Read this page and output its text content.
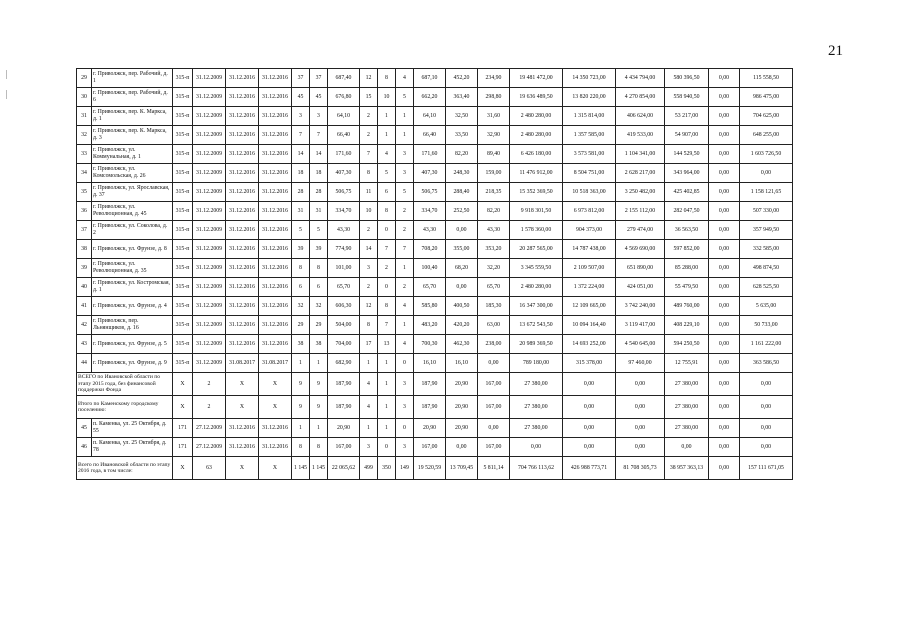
21
29	г. Приволжск, пер. Рабочий, д. 1	315-п	31.12.2009	31.12.2016	31.12.2016	37	37	687,40	12	8	4	687,10	452,20	234,90	19 481 472,00	14 350 723,00	4 434 794,00	580 396,50	0,00	115 558,50
30	г. Приволжск, пер. Рабочий, д. 6	315-п	31.12.2009	31.12.2016	31.12.2016	45	45	676,80	15	10	5	662,20	363,40	298,80	19 636 489,50	13 820 220,00	4 270 854,00	558 940,50	0,00	986 475,00
31	г. Приволжск, пер. К. Маркса, д. 1	315-п	31.12.2009	31.12.2016	31.12.2016	3	3	64,10	2	1	1	64,10	32,50	31,60	2 480 280,00	1 315 814,00	406 624,00	53 217,00	0,00	704 625,00
32	г. Приволжск, пер. К. Маркса, д. 3	315-п	31.12.2009	31.12.2016	31.12.2016	7	7	66,40	2	1	1	66,40	33,50	32,90	2 480 280,00	1 357 585,00	419 533,00	54 907,00	0,00	648 255,00
33	г. Приволжск, ул. Коммунальная, д. 1	315-п	31.12.2009	31.12.2016	31.12.2016	14	14	171,60	7	4	3	171,60	82,20	89,40	6 426 180,00	3 573 581,00	1 104 341,00	144 529,50	0,00	1 603 726,50
34	г. Приволжск, ул. Комсомольская, д. 26	315-п	31.12.2009	31.12.2016	31.12.2016	18	18	407,30	8	5	3	407,30	248,30	159,00	11 476 912,00	8 504 751,00	2 628 217,00	343 964,00	0,00	0,00
35	г. Приволжск, ул. Ярославская, д. 37	315-п	31.12.2009	31.12.2016	31.12.2016	28	28	506,75	11	6	5	506,75	288,40	218,35	15 352 369,50	10 518 363,00	3 250 482,00	425 402,85	0,00	1 158 121,65
36	г. Приволжск, ул. Революционная, д. 45	315-п	31.12.2009	31.12.2016	31.12.2016	31	31	334,70	10	8	2	334,70	252,50	82,20	9 918 301,50	6 973 812,00	2 155 112,00	282 047,50	0,00	507 330,00
37	г. Приволжск, ул. Соколова, д. 2	315-п	31.12.2009	31.12.2016	31.12.2016	5	5	43,30	2	0	2	43,30	0,00	43,30	1 578 360,00	904 373,00	279 474,00	36 563,50	0,00	357 949,50
38	г. Приволжск, ул. Фрунзе, д. 8	315-п	31.12.2009	31.12.2016	31.12.2016	39	39	774,90	14	7	7	708,20	355,00	353,20	20 287 565,00	14 787 438,00	4 569 690,00	597 852,00	0,00	332 585,00
39	г. Приволжск, ул. Революционная, д. 35	315-п	31.12.2009	31.12.2016	31.12.2016	8	8	101,00	3	2	1	100,40	68,20	32,20	3 345 559,50	2 109 507,00	651 890,00	85 288,00	0,00	498 874,50
40	г. Приволжск, ул. Костромская, д. 1	315-п	31.12.2009	31.12.2016	31.12.2016	6	6	65,70	2	0	2	65,70	0,00	65,70	2 480 280,00	1 372 224,00	424 051,00	55 479,50	0,00	628 525,50
41	г. Приволжск, ул. Фрунзе, д. 4	315-п	31.12.2009	31.12.2016	31.12.2016	32	32	606,30	12	8	4	585,80	400,50	185,30	16 347 300,00	12 109 665,00	3 742 240,00	489 760,00	0,00	5 635,00
42	г. Приволжск, пер. Льнянщиков, д. 16	315-п	31.12.2009	31.12.2016	31.12.2016	29	29	504,00	8	7	1	483,20	420,20	63,00	13 672 543,50	10 094 164,40	3 119 417,00	408 229,10	0,00	50 733,00
43	г. Приволжск, ул. Фрунзе, д. 5	315-п	31.12.2009	31.12.2016	31.12.2016	38	38	704,00	17	13	4	700,30	462,30	238,00	20 989 369,50	14 693 252,00	4 540 645,00	594 250,50	0,00	1 161 222,00
44	г. Приволжск, ул. Фрунзе, д. 9	315-п	31.12.2009	31.08.2017	31.08.2017	1	1	682,90	1	1	0	16,10	16,10	0,00	789 180,00	315 378,00	97 460,00	12 755,91	0,00	363 586,50
ВСЕГО по Ивановской области по этапу 2015 года, без финансовой поддержки Фонда		X	2	X	X	9	9	187,90	4	1	3	187,90	20,90	167,00	27 380,00	0,00	0,00	27 380,00	0,00	0,00
Итого по Каменскому городскому поселению:		X	2	X	X	9	9	187,90	4	1	3	187,90	20,90	167,00	27 380,00	0,00	0,00	27 380,00	0,00	0,00
45	п. Каменка, ул. 25 Октября, д. 55	171	27.12.2009	31.12.2016	31.12.2016	1	1	20,90	1	1	0	20,90	20,90	0,00	27 380,00	0,00	0,00	27 380,00	0,00	0,00
46	п. Каменка, ул. 25 Октября, д. 78	171	27.12.2009	31.12.2016	31.12.2016	8	8	167,00	3	0	3	167,00	0,00	167,00	0,00	0,00	0,00	0,00	0,00	0,00
Всего по Ивановской области по этапу 2016 года, в том числе:		X	63	X	X	1 145	1 145	22 065,62	499	350	149	19 520,59	13 709,45	5 811,14	704 766 113,62	426 988 773,71	81 708 305,73	38 957 363,13	0,00	157 111 671,05
